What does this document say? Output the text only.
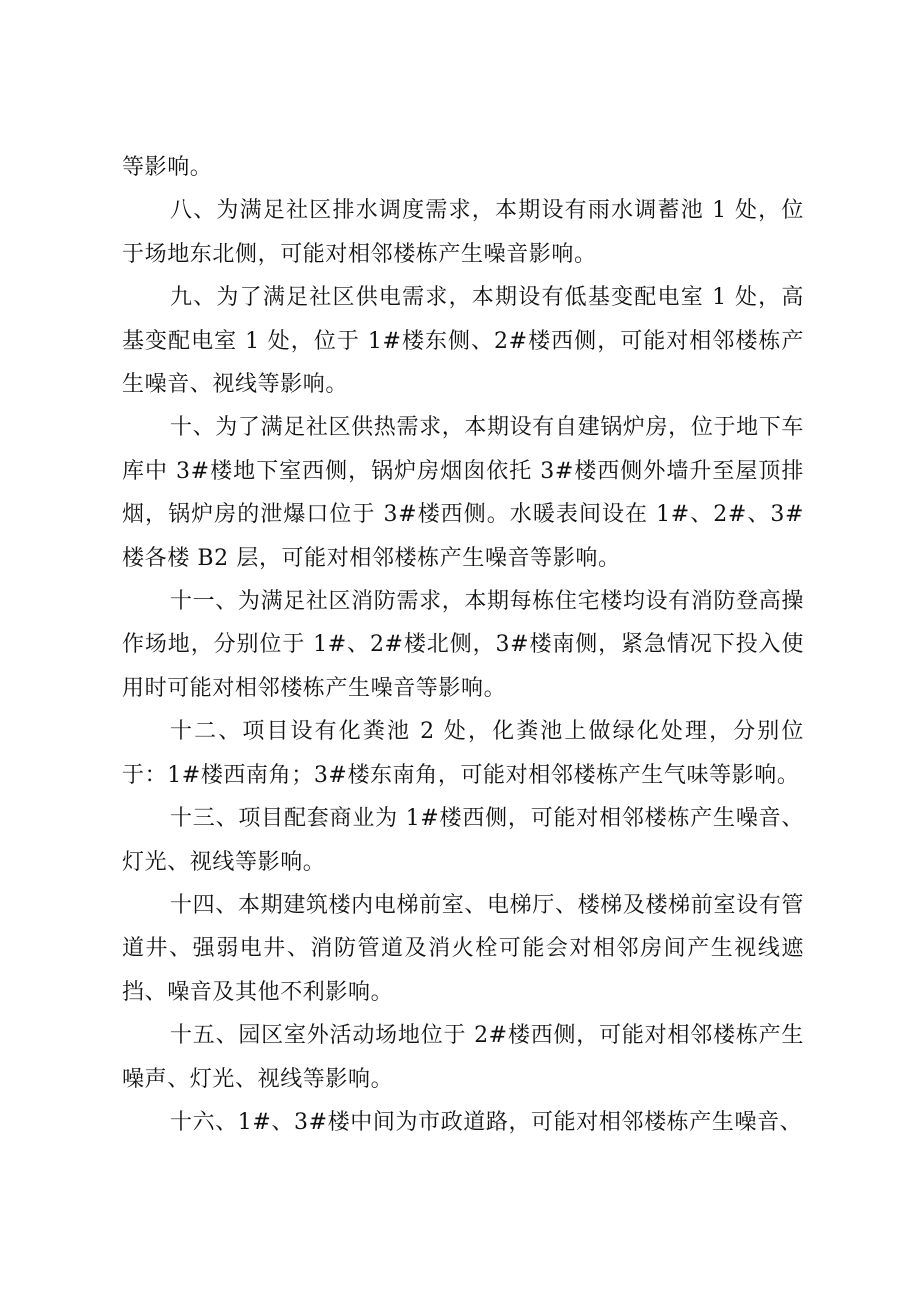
等影响。

八、为满足社区排水调度需求，本期设有雨水调蓄池 1 处，位于场地东北侧，可能对相邻楼栋产生噪音影响。

九、为了满足社区供电需求，本期设有低基变配电室 1 处，高基变配电室 1 处，位于 1#楼东侧、2#楼西侧，可能对相邻楼栋产生噪音、视线等影响。

十、为了满足社区供热需求，本期设有自建锅炉房，位于地下车库中 3#楼地下室西侧，锅炉房烟囱依托 3#楼西侧外墙升至屋顶排烟，锅炉房的泄爆口位于 3#楼西侧。水暖表间设在 1#、2#、3#楼各楼 B2 层，可能对相邻楼栋产生噪音等影响。

十一、为满足社区消防需求，本期每栋住宅楼均设有消防登高操作场地，分别位于 1#、2#楼北侧，3#楼南侧，紧急情况下投入使用时可能对相邻楼栋产生噪音等影响。

十二、项目设有化粪池 2 处，化粪池上做绿化处理，分别位于：1#楼西南角；3#楼东南角，可能对相邻楼栋产生气味等影响。

十三、项目配套商业为 1#楼西侧，可能对相邻楼栋产生噪音、灯光、视线等影响。

十四、本期建筑楼内电梯前室、电梯厅、楼梯及楼梯前室设有管道井、强弱电井、消防管道及消火栓可能会对相邻房间产生视线遮挡、噪音及其他不利影响。

十五、园区室外活动场地位于 2#楼西侧，可能对相邻楼栋产生噪声、灯光、视线等影响。

十六、1#、3#楼中间为市政道路，可能对相邻楼栋产生噪音、
